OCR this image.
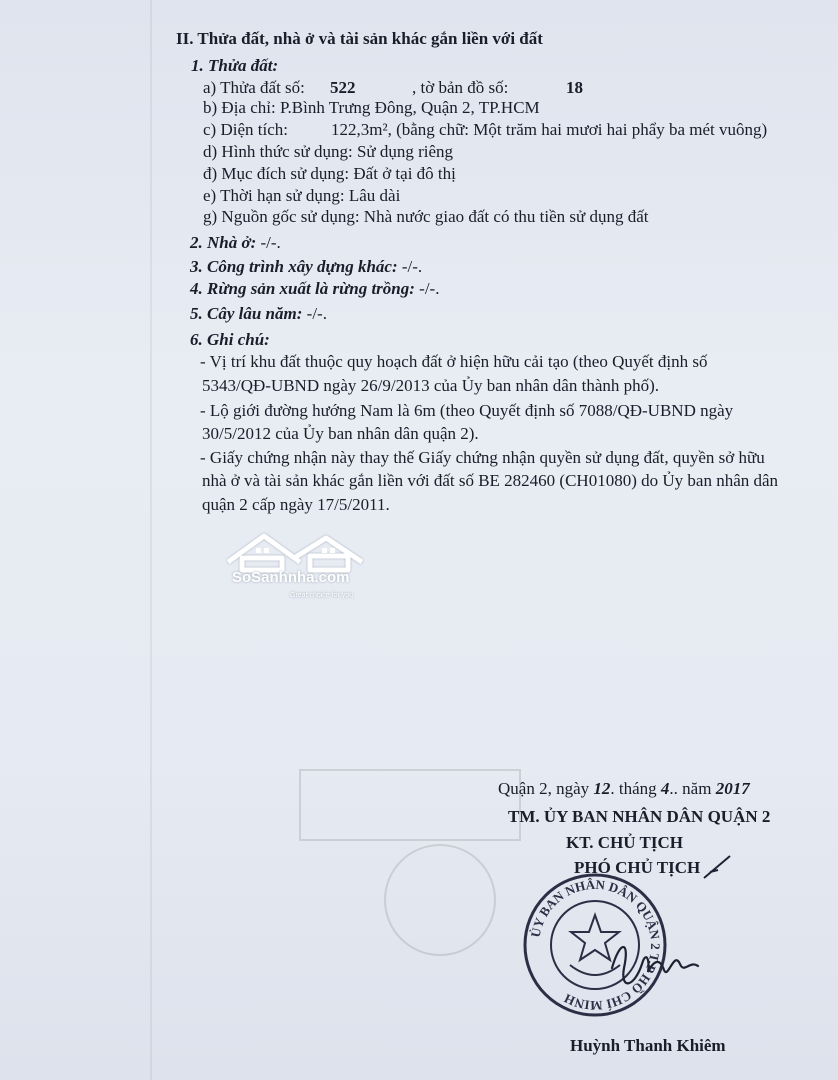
II. Thửa đất, nhà ở và tài sản khác gắn liền với đất
1. Thửa đất:
a) Thửa đất số: 522	, tờ bản đồ số:	18
b) Địa chỉ: P.Bình Trưng Đông, Quận 2, TP.HCM
c) Diện tích:	122,3m², (bằng chữ: Một trăm hai mươi hai phẩy ba mét vuông)
d) Hình thức sử dụng: Sử dụng riêng
đ) Mục đích sử dụng: Đất ở tại đô thị
e) Thời hạn sử dụng: Lâu dài
g) Nguồn gốc sử dụng: Nhà nước giao đất có thu tiền sử dụng đất
2. Nhà ở: -/-.
3. Công trình xây dựng khác: -/-.
4. Rừng sản xuất là rừng trồng: -/-.
5. Cây lâu năm: -/-.
6. Ghi chú:
- Vị trí khu đất thuộc quy hoạch đất ở hiện hữu cải tạo (theo Quyết định số
5343/QĐ-UBND ngày 26/9/2013 của Ủy ban nhân dân thành phố).
- Lộ giới đường hướng Nam là 6m (theo Quyết định số 7088/QĐ-UBND ngày
30/5/2012 của Ủy ban nhân dân quận 2).
- Giấy chứng nhận này thay thế Giấy chứng nhận quyền sử dụng đất, quyền sở hữu
nhà ở và tài sản khác gắn liền với đất số BE 282460 (CH01080) do Ủy ban nhân dân
quận 2 cấp ngày 17/5/2011.
SoSanhnha.com
Great choice for you
Quận 2, ngày 12. tháng 4.. năm 2017
TM. ỦY BAN NHÂN DÂN QUẬN 2
KT. CHỦ TỊCH
PHÓ CHỦ TỊCH
ỦY BAN NHÂN DÂN QUẬN 2 T.P HỒ CHÍ MINH
Huỳnh Thanh Khiêm
